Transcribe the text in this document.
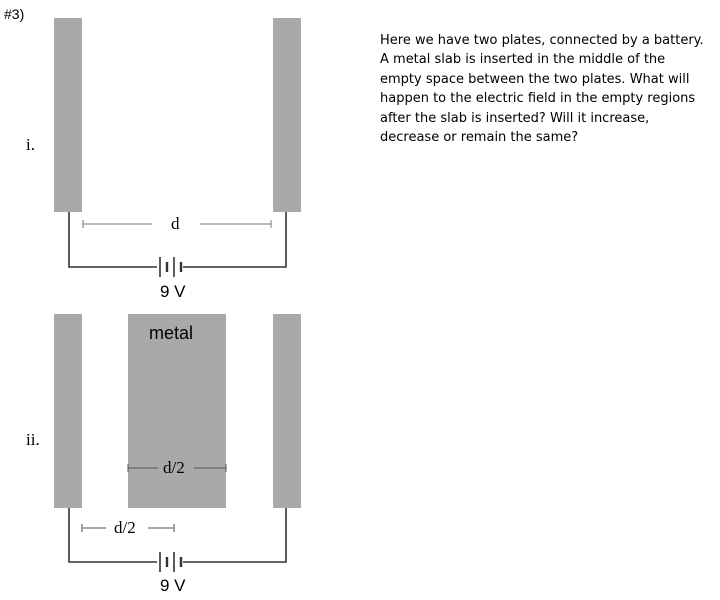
#3)
Here we have two plates, connected by a battery. A metal slab is inserted in the middle of the empty space between the two plates. What will happen to the electric field in the empty regions after the slab is inserted? Will it increase, decrease or remain the same?
i.
d
9 V
ii.
metal
d/2
d/2
9 V
